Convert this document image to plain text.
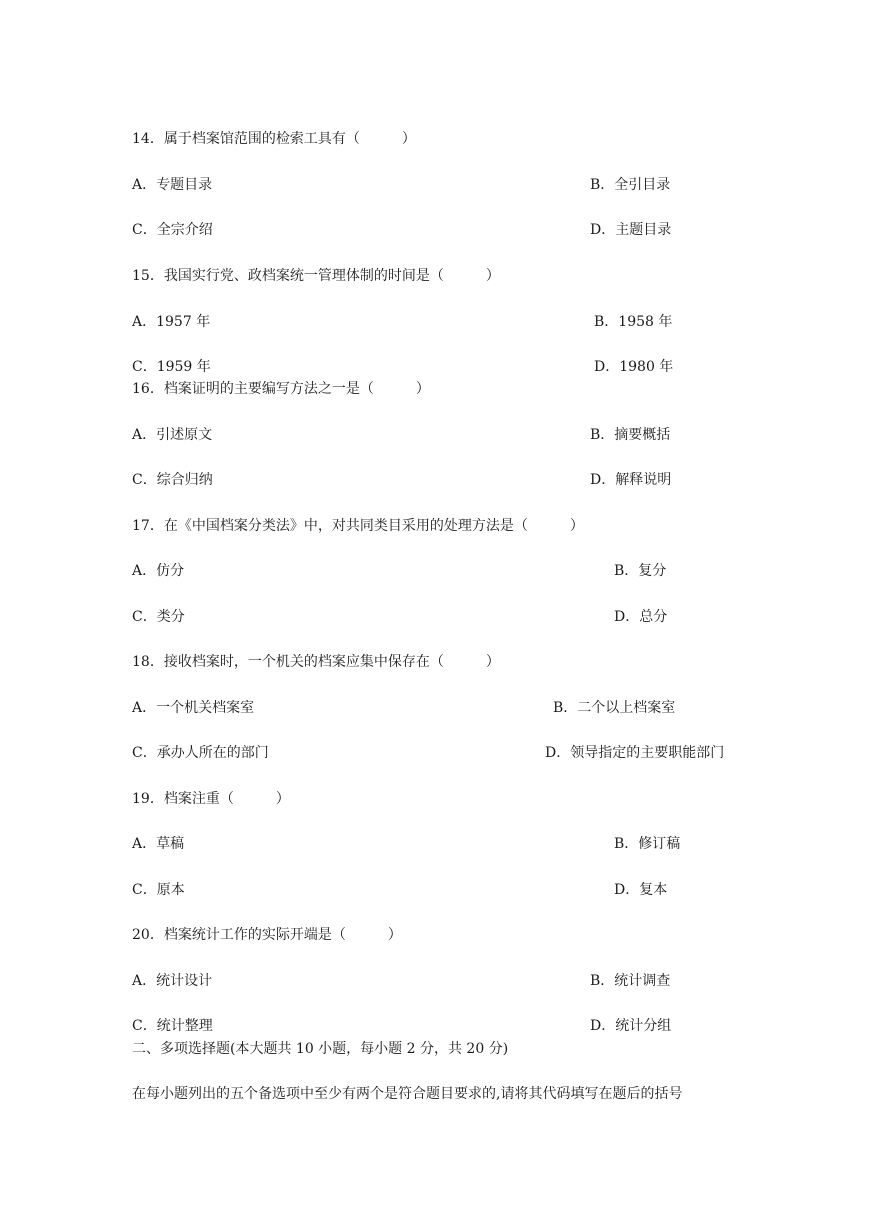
14．属于档案馆范围的检索工具有（　　　）
A．专题目录	B．全引目录
C．全宗介绍	D．主题目录
15．我国实行党、政档案统一管理体制的时间是（　　　）
A．1957 年	B．1958 年
C．1959 年	D．1980 年
16．档案证明的主要编写方法之一是（　　　）
A．引述原文	B．摘要概括
C．综合归纳	D．解释说明
17．在《中国档案分类法》中，对共同类目采用的处理方法是（　　　）
A．仿分	B．复分
C．类分	D．总分
18．接收档案时，一个机关的档案应集中保存在（　　　）
A．一个机关档案室	B．二个以上档案室
C．承办人所在的部门	D．领导指定的主要职能部门
19．档案注重（　　　）
A．草稿	B．修订稿
C．原本	D．复本
20．档案统计工作的实际开端是（　　　）
A．统计设计	B．统计调查
C．统计整理	D．统计分组
二、多项选择题(本大题共 10 小题，每小题 2 分，共 20 分)
在每小题列出的五个备选项中至少有两个是符合题目要求的,请将其代码填写在题后的括号
